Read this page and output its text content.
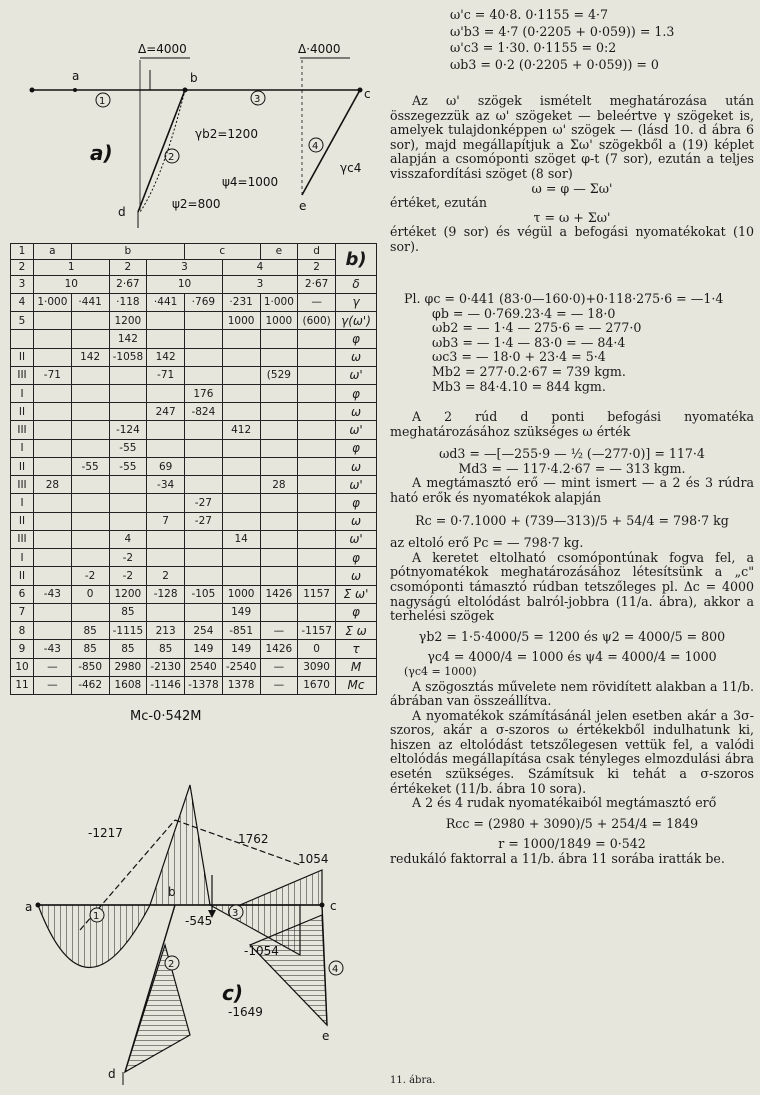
Δ=4000	Δ·4000
a	b
c
d	e
1
2
3
4
a)
γb2=1200
γc4
ψ4=1000
ψ2=800
1	a	b			c		e	d	b)
2	1		2	3		4		2	
3	10		2·67	10		3		2·67	δ
4	1·000	·441	·118	·441	·769	·231	1·000	—	γ
5			1200			1000	1000	(600)	γ(ω')
			142						φ
II		142	-1058	142					ω
III	-71			-71			(529		ω'
I					176				φ
II				247	-824				ω
III			-124			412			ω'
I			-55						φ
II		-55	-55	69					ω
III	28			-34			28		ω'
I					-27				φ
II				7	-27				ω
III			4			14			ω'
I			-2						φ
II		-2	-2	2					ω
6	-43	0	1200	-128	-105	1000	1426	1157	Σ ω'
7			85			149			φ
8		85	-1115	213	254	-851	—	-1157	Σ ω
9	-43	85	85	85	149	149	1426	0	τ
10	—	-850	2980	-2130	2540	-2540	—	3090	M
11	—	-462	1608	-1146	-1378	1378	—	1670	Mc
Mc-0·542M
-1217	1762
-545
1054
-1054
-1649
a
b
c
d
e
1
2
3
4
c)
ω'c = 40·8. 0·1155 = 4·7
ω'b3 = 4·7 (0·2205 + 0·059)) = 1.3
ω'c3 = 1·30. 0·1155 = 0:2
ωb3 = 0·2 (0·2205 + 0·059)) = 0

Az ω' szögek ismételt meghatározása után összegezzük az ω' szögeket — beleértve γ szögeket is, amelyek tulajdonképpen ω' szögek — (lásd 10. d ábra 6 sor), majd megállapítjuk a Σω' szögekből a (19) képlet alapján a csomóponti szöget φ-t (7 sor), ezután a teljes visszafordítási szöget (8 sor)

ω = φ — Σω'

értéket, ezután

τ = ω + Σω'

értéket (9 sor) és végül a befogási nyomatékokat (10 sor).

Pl. φc = 0·441 (83·0—160·0)+0·118·275·6 = —1·4
φb = — 0·769.23·4 = — 18·0
ωb2 = — 1·4 — 275·6 = — 277·0
ωb3 = — 1·4 — 83·0 = — 84·4
ωc3 = — 18·0 + 23·4 = 5·4
Mb2 = 277·0.2·67 = 739 kgm.
Mb3 = 84·4.10 = 844 kgm.

A 2 rúd d ponti befogási nyomatéka meghatározásához szükséges ω érték

ωd3 = —[—255·9 — ½ (—277·0)] = 117·4

Md3 = — 117·4.2·67 = — 313 kgm.

A megtámasztó erő — mint ismert — a 2 és 3 rúdra ható erők és nyomatékok alapján

Rc = 0·7.1000 + (739—313)/5 + 54/4 = 798·7 kg

az eltoló erő Pc = — 798·7 kg.

A keretet eltolható csomópontúnak fogva fel, a pótnyomatékok meghatározásához létesítsünk a „c" csomóponti támasztó rúdban tetszőleges pl. Δc = 4000 nagyságú eltolódást balról-jobbra (11/a. ábra), akkor a terhelési szögek

γb2 = 1·5·4000/5 = 1200 és ψ2 = 4000/5 = 800

γc4 = 4000/4 = 1000 és ψ4 = 4000/4 = 1000

(γc4 = 1000)

A szögosztás művelete nem rövidített alakban a 11/b. ábrában van összeállítva.

A nyomatékok számításánál jelen esetben akár a 3σ-szoros, akár a σ-szoros ω értékekből indulhatunk ki, hiszen az eltolódást tetszőlegesen vettük fel, a valódi eltolódás megállapítása csak tényleges elmozdulási ábra esetén szükséges. Számítsuk ki tehát a σ-szoros értékeket (11/b. ábra 10 sora).

A 2 és 4 rudak nyomatékaiból megtámasztó erő

Rcc = (2980 + 3090)/5 + 254/4 = 1849

r = 1000/1849 = 0·542

redukáló faktorral a 11/b. ábra 11 sorába iratták be.

11. ábra.
